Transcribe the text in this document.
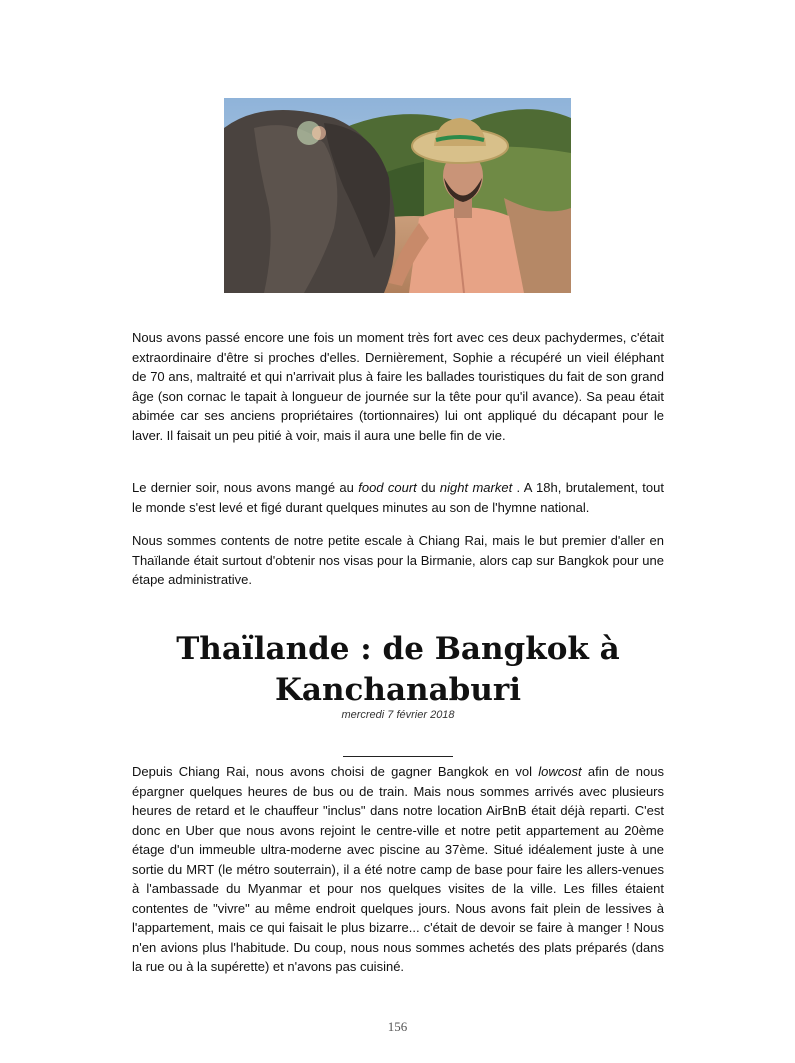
Nous avons passé encore une fois un moment très fort avec ces deux pachydermes, c'était extraordinaire d'être si proches d'elles. Dernièrement, Sophie a récupéré un vieil éléphant de 70 ans, maltraité et qui n'arrivait plus à faire les ballades touristiques du fait de son grand âge (son cornac le tapait à longueur de journée sur la tête pour qu'il avance). Sa peau était abimée car ses anciens propriétaires (tortionnaires) lui ont appliqué du décapant pour le laver. Il faisait un peu pitié à voir, mais il aura une belle fin de vie.

Le dernier soir, nous avons mangé au food court du night market . A 18h, brutalement, tout le monde s'est levé et figé durant quelques minutes au son de l'hymne national.

Nous sommes contents de notre petite escale à Chiang Rai, mais le but premier d'aller en Thaïlande était surtout d'obtenir nos visas pour la Birmanie, alors cap sur Bangkok pour une étape administrative.

Thaïlande : de Bangkok à Kanchanaburi
mercredi 7 février 2018

Depuis Chiang Rai, nous avons choisi de gagner Bangkok en vol lowcost afin de nous épargner quelques heures de bus ou de train. Mais nous sommes arrivés avec plusieurs heures de retard et le chauffeur "inclus" dans notre location AirBnB était déjà reparti. C'est donc en Uber que nous avons rejoint le centre-ville et notre petit appartement au 20ème étage d'un immeuble ultra-moderne avec piscine au 37ème. Situé idéalement juste à une sortie du MRT (le métro souterrain), il a été notre camp de base pour faire les allers-venues à l'ambassade du Myanmar et pour nos quelques visites de la ville. Les filles étaient contentes de "vivre" au même endroit quelques jours. Nous avons fait plein de lessives à l'appartement, mais ce qui faisait le plus bizarre... c'était de devoir se faire à manger ! Nous n'en avions plus l'habitude. Du coup, nous nous sommes achetés des plats préparés (dans la rue ou à la supérette) et n'avons pas cuisiné.

156
